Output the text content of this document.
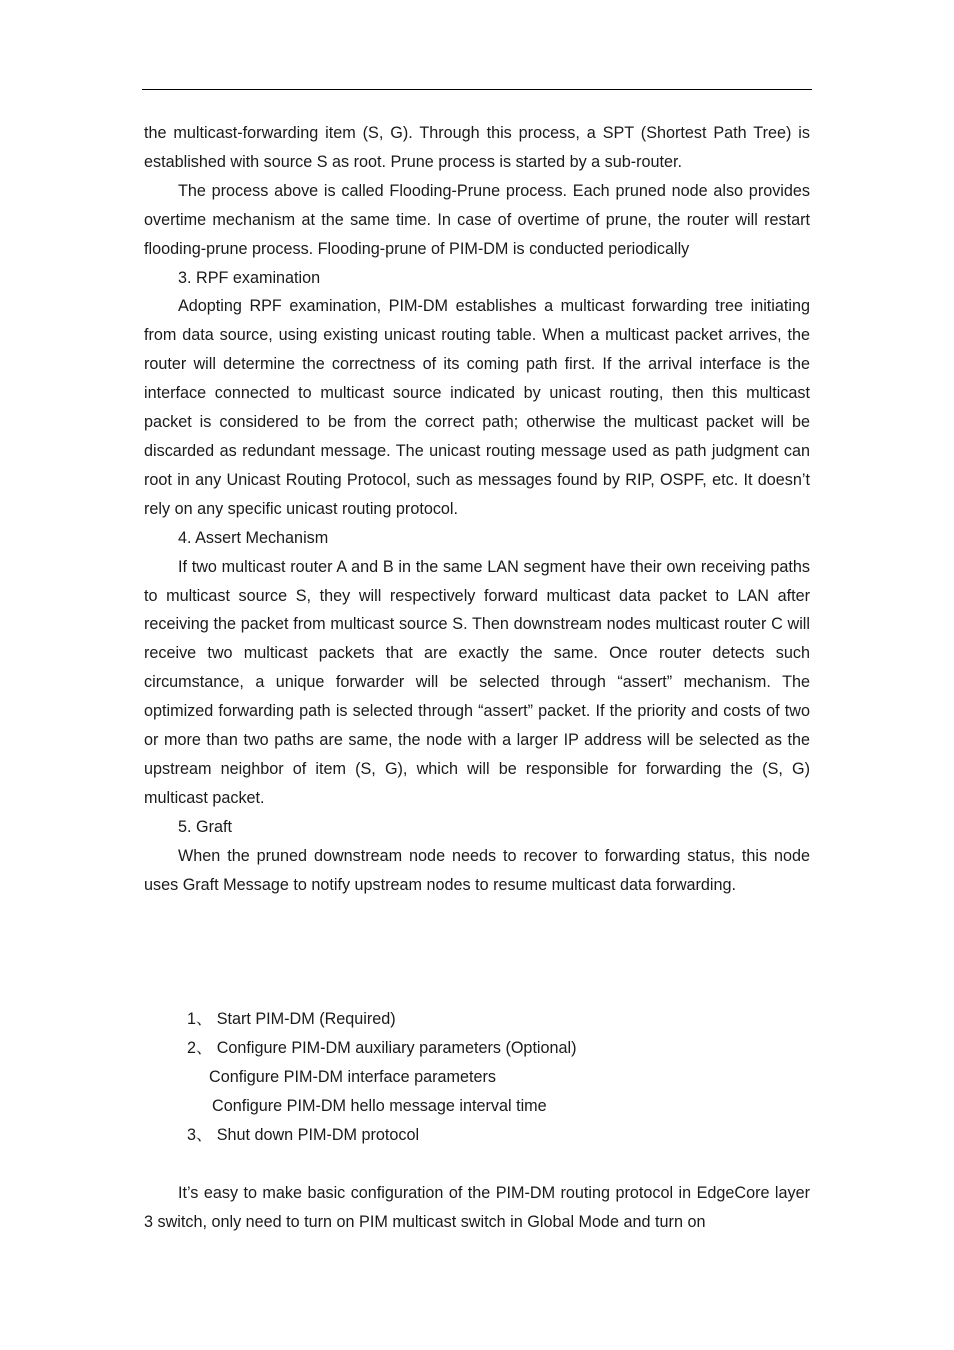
the multicast-forwarding item (S, G). Through this process, a SPT (Shortest Path Tree) is established with source S as root. Prune process is started by a sub-router.

The process above is called Flooding-Prune process. Each pruned node also provides overtime mechanism at the same time. In case of overtime of prune, the router will restart flooding-prune process. Flooding-prune of PIM-DM is conducted periodically

3. RPF examination

Adopting RPF examination, PIM-DM establishes a multicast forwarding tree initiating from data source, using existing unicast routing table. When a multicast packet arrives, the router will determine the correctness of its coming path first. If the arrival interface is the interface connected to multicast source indicated by unicast routing, then this multicast packet is considered to be from the correct path; otherwise the multicast packet will be discarded as redundant message. The unicast routing message used as path judgment can root in any Unicast Routing Protocol, such as messages found by RIP, OSPF, etc. It doesn’t rely on any specific unicast routing protocol.

4. Assert Mechanism

If two multicast router A and B in the same LAN segment have their own receiving paths to multicast source S, they will respectively forward multicast data packet to LAN after receiving the packet from multicast source S. Then downstream nodes multicast router C will receive two multicast packets that are exactly the same. Once router detects such circumstance, a unique forwarder will be selected through “assert” mechanism. The optimized forwarding path is selected through “assert” packet. If the priority and costs of two or more than two paths are same, the node with a larger IP address will be selected as the upstream neighbor of item (S, G), which will be responsible for forwarding the (S, G) multicast packet.

5. Graft

When the pruned downstream node needs to recover to forwarding status, this node uses Graft Message to notify upstream nodes to resume multicast data forwarding.

1、 Start PIM-DM (Required)
2、 Configure PIM-DM auxiliary parameters (Optional)
Configure PIM-DM interface parameters
Configure PIM-DM hello message interval time
3、 Shut down PIM-DM protocol

It’s easy to make basic configuration of the PIM-DM routing protocol in EdgeCore layer 3 switch, only need to turn on PIM multicast switch in Global Mode and turn on
